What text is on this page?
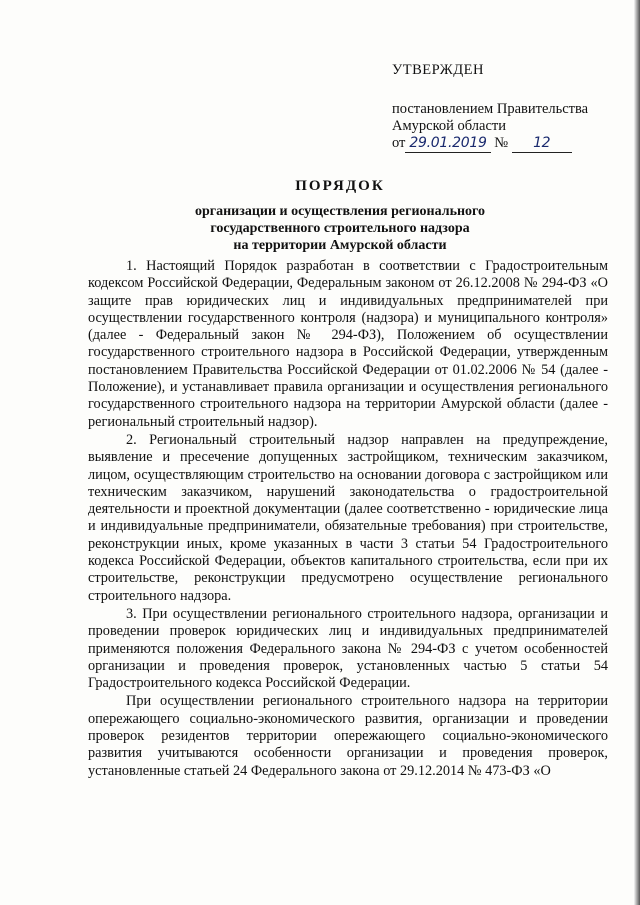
УТВЕРЖДЕН
постановлением Правительства
Амурской области
от 29.01.2019 № 12
ПОРЯДОК
организации и осуществления регионального
государственного строительного надзора
на территории Амурской области

1. Настоящий Порядок разработан в соответствии с Градостроительным кодексом Российской Федерации, Федеральным законом от 26.12.2008 № 294-ФЗ «О защите прав юридических лиц и индивидуальных предпринимателей при осуществлении государственного контроля (надзора) и муниципального контроля» (далее - Федеральный закон № 294-ФЗ), Положением об осуществлении государственного строительного надзора в Российской Федерации, утвержденным постановлением Правительства Российской Федерации от 01.02.2006 № 54 (далее - Положение), и устанавливает правила организации и осуществления регионального государственного строительного надзора на территории Амурской области (далее - региональный строительный надзор).

2. Региональный строительный надзор направлен на предупреждение, выявление и пресечение допущенных застройщиком, техническим заказчиком, лицом, осуществляющим строительство на основании договора с застройщиком или техническим заказчиком, нарушений законодательства о градостроительной деятельности и проектной документации (далее соответственно - юридические лица и индивидуальные предприниматели, обязательные требования) при строительстве, реконструкции иных, кроме указанных в части 3 статьи 54 Градостроительного кодекса Российской Федерации, объектов капитального строительства, если при их строительстве, реконструкции предусмотрено осуществление регионального строительного надзора.

3. При осуществлении регионального строительного надзора, организации и проведении проверок юридических лиц и индивидуальных предпринимателей применяются положения Федерального закона № 294-ФЗ с учетом особенностей организации и проведения проверок, установленных частью 5 статьи 54 Градостроительного кодекса Российской Федерации.

При осуществлении регионального строительного надзора на территории опережающего социально-экономического развития, организации и проведении проверок резидентов территории опережающего социально-экономического развития учитываются особенности организации и проведения проверок, установленные статьей 24 Федерального закона от 29.12.2014 № 473-ФЗ «О
